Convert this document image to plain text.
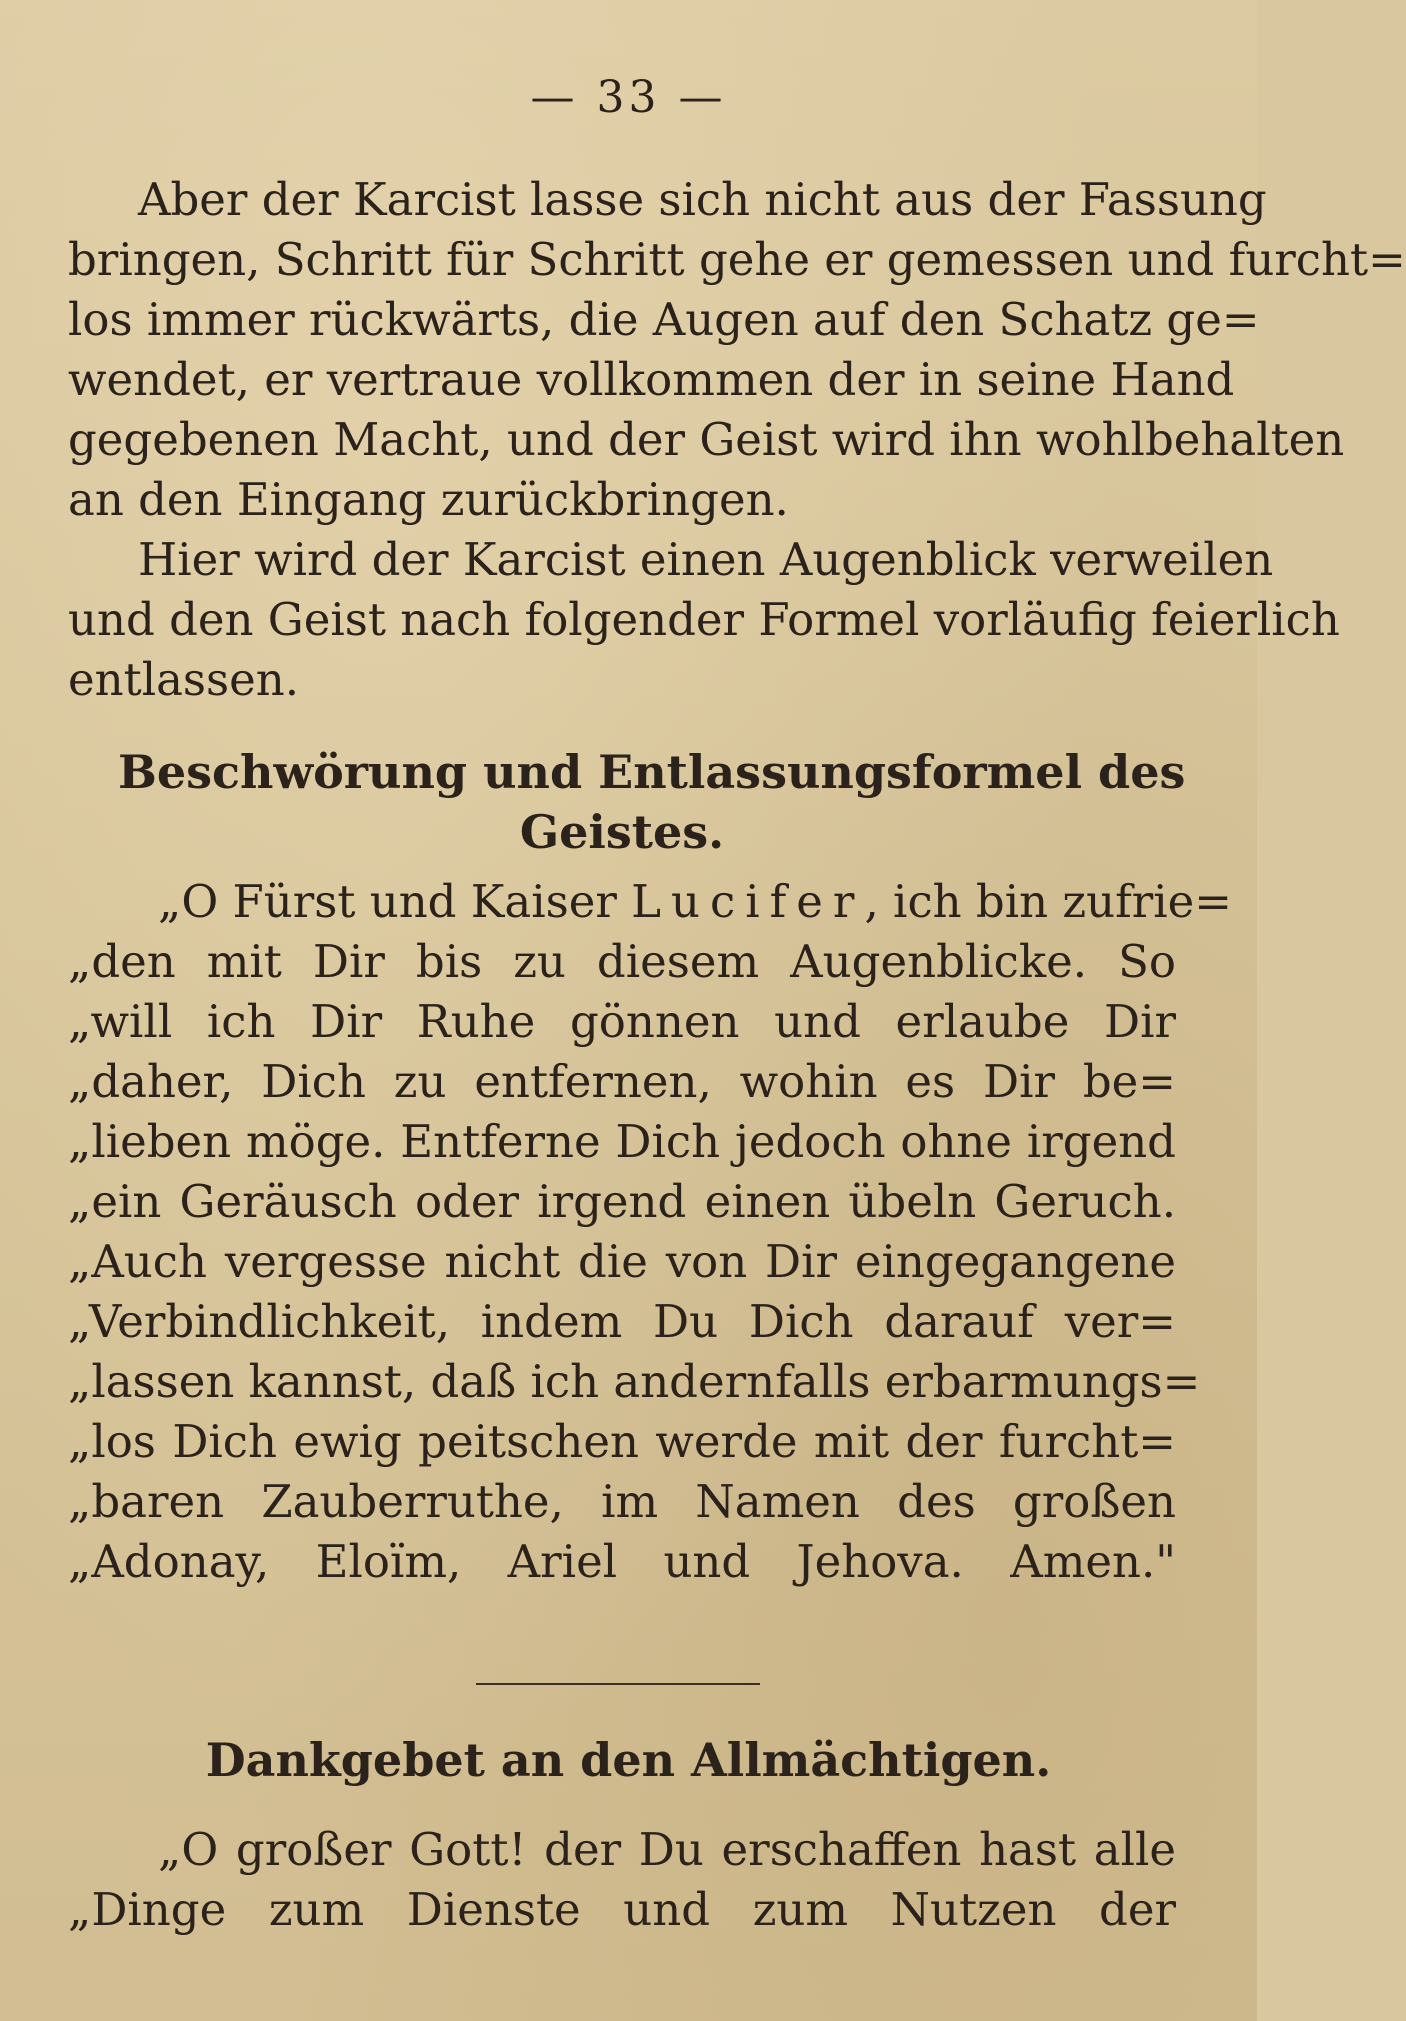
— 33 —
Aber der Karcist lasse sich nicht aus der Fassung
bringen, Schritt für Schritt gehe er gemessen und furcht=
los immer rückwärts, die Augen auf den Schatz ge=
wendet, er vertraue vollkommen der in seine Hand
gegebenen Macht, und der Geist wird ihn wohlbehalten
an den Eingang zurückbringen.
Hier wird der Karcist einen Augenblick verweilen
und den Geist nach folgender Formel vorläufig feierlich
entlassen.
Beschwörung und Entlassungsformel des
Geistes.
„O Fürst und Kaiser Lucifer, ich bin zufrie=
„den mit Dir bis zu diesem Augenblicke. So
„will ich Dir Ruhe gönnen und erlaube Dir
„daher, Dich zu entfernen, wohin es Dir be=
„lieben möge. Entferne Dich jedoch ohne irgend
„ein Geräusch oder irgend einen übeln Geruch.
„Auch vergesse nicht die von Dir eingegangene
„Verbindlichkeit, indem Du Dich darauf ver=
„lassen kannst, daß ich andernfalls erbarmungs=
„los Dich ewig peitschen werde mit der furcht=
„baren Zauberruthe, im Namen des großen
„Adonay, Eloïm, Ariel und Jehova. Amen."
Dankgebet an den Allmächtigen.
„O großer Gott! der Du erschaffen hast alle
„Dinge zum Dienste und zum Nutzen der
